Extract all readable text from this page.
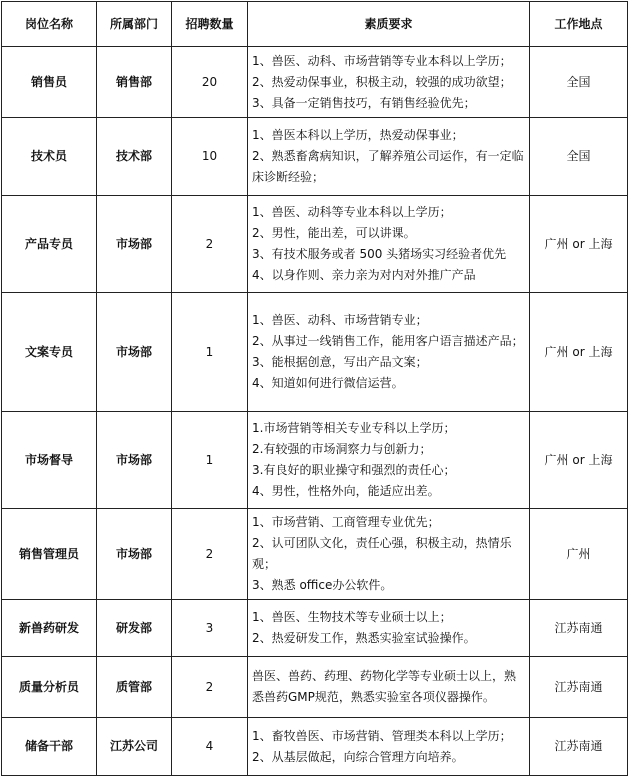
岗位名称	所属部门	招聘数量	素质要求	工作地点
销售员	销售部	20	1、兽医、动科、市场营销等专业本科以上学历；
2、热爱动保事业，积极主动，较强的成功欲望；
3、具备一定销售技巧，有销售经验优先；	全国
技术员	技术部	10	1、兽医本科以上学历，热爱动保事业；
2、熟悉畜禽病知识，了解养殖公司运作，有一定临床诊断经验；	全国
产品专员	市场部	2	1、兽医、动科等专业本科以上学历；
2、男性，能出差，可以讲课。
3、有技术服务或者 500 头猪场实习经验者优先
4、以身作则、亲力亲为对内对外推广产品	广州 or 上海
文案专员	市场部	1	1、兽医、动科、市场营销专业；
2、从事过一线销售工作，能用客户语言描述产品；
3、能根据创意，写出产品文案；
4、知道如何进行微信运营。	广州 or 上海
市场督导	市场部	1	1.市场营销等相关专业专科以上学历；
2.有较强的市场洞察力与创新力；
3.有良好的职业操守和强烈的责任心；
4、男性，性格外向，能适应出差。	广州 or 上海
销售管理员	市场部	2	1、市场营销、工商管理专业优先；
2、认可团队文化，责任心强，积极主动，热情乐观；
3、熟悉 office办公软件。	广州
新兽药研发	研发部	3	1、兽医、生物技术等专业硕士以上；
2、热爱研发工作，熟悉实验室试验操作。	江苏南通
质量分析员	质管部	2	兽医、兽药、药理、药物化学等专业硕士以上，熟悉兽药GMP规范，熟悉实验室各项仪器操作。	江苏南通
储备干部	江苏公司	4	1、畜牧兽医、市场营销、管理类本科以上学历；
2、从基层做起，向综合管理方向培养。	江苏南通
